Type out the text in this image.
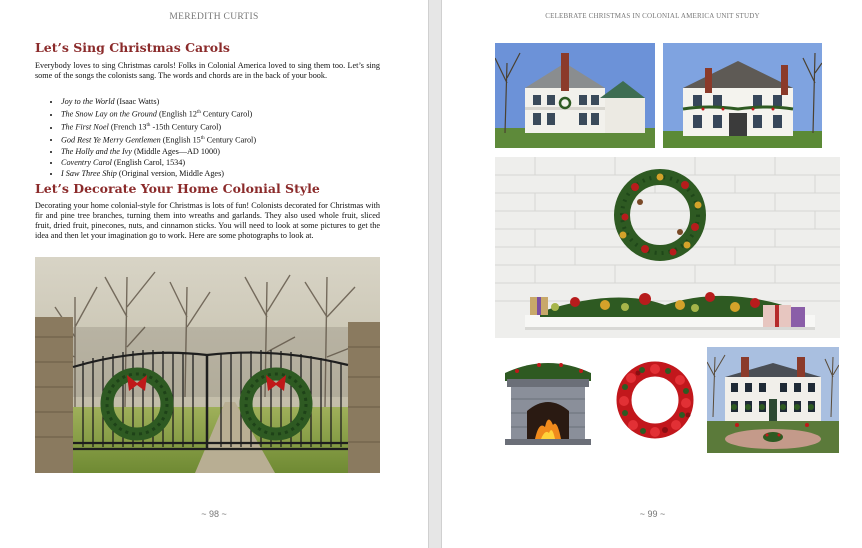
MEREDITH CURTIS
Let’s Sing Christmas Carols

Everybody loves to sing Christmas carols! Folks in Colonial America loved to sing them too. Let’s sing some of the songs the colonists sang. The words and chords are in the back of your book.

• Joy to the World (Isaac Watts)
• The Snow Lay on the Ground (English 12th Century Carol)
• The First Noel (French 13th -15th Century Carol)
• God Rest Ye Merry Gentlemen (English 15th Century Carol)
• The Holly and the Ivy (Middle Ages—AD 1000)
• Coventry Carol (English Carol, 1534)
• I Saw Three Ship (Original version, Middle Ages)
Let’s Decorate Your Home Colonial Style

Decorating your home colonial-style for Christmas is lots of fun! Colonists decorated for Christmas with fir and pine tree branches, turning them into wreaths and garlands. They also used whole fruit, sliced fruit, dried fruit, pinecones, nuts, and cinnamon sticks. You will need to look at some pictures to get the idea and then let your imagination go to work. Here are some photographs to look at.

~ 98 ~
CELEBRATE CHRISTMAS IN COLONIAL AMERICA UNIT STUDY
~ 99 ~
